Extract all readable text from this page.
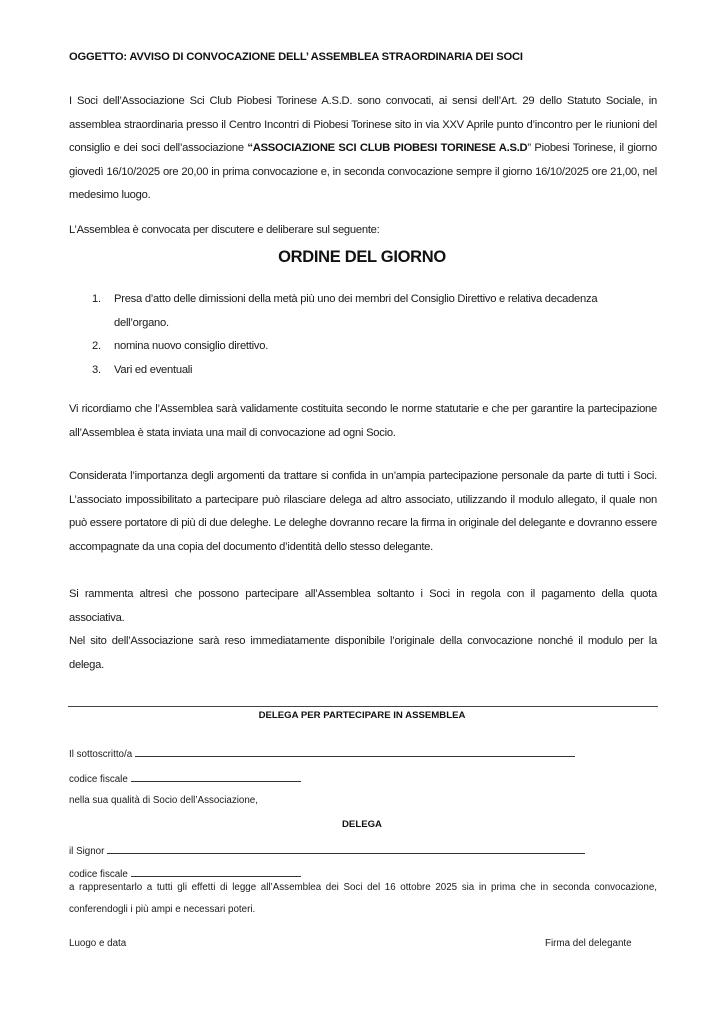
OGGETTO: AVVISO DI CONVOCAZIONE DELL’ ASSEMBLEA STRAORDINARIA DEI SOCI
I Soci dell’Associazione Sci Club Piobesi Torinese A.S.D. sono convocati, ai sensi dell’Art. 29 dello Statuto Sociale, in assemblea straordinaria presso il Centro Incontri di Piobesi Torinese sito in via XXV Aprile punto d’incontro per le riunioni del consiglio e dei soci dell’associazione “ASSOCIAZIONE SCI CLUB PIOBESI TORINESE A.S.D” Piobesi Torinese, il giorno giovedì 16/10/2025 ore 20,00 in prima convocazione e, in seconda convocazione sempre il giorno 16/10/2025 ore 21,00, nel medesimo luogo.
L’Assemblea è convocata per discutere e deliberare sul seguente:
ORDINE DEL GIORNO
1. Presa d’atto delle dimissioni della metà più uno dei membri del Consiglio Direttivo e relativa decadenza dell’organo.
2. nomina nuovo consiglio direttivo.
3. Vari ed eventuali
Vi ricordiamo che l’Assemblea sarà validamente costituita secondo le norme statutarie e che per garantire la partecipazione all’Assemblea è stata inviata una mail di convocazione ad ogni Socio.
Considerata l’importanza degli argomenti da trattare si confida in un’ampia partecipazione personale da parte di tutti i Soci. L’associato impossibilitato a partecipare può rilasciare delega ad altro associato, utilizzando il modulo allegato, il quale non può essere portatore di più di due deleghe. Le deleghe dovranno recare la firma in originale del delegante e dovranno essere accompagnate da una copia del documento d’identità dello stesso delegante.
Si rammenta altresì che possono partecipare all’Assemblea soltanto i Soci in regola con il pagamento della quota associativa.
Nel sito dell’Associazione sarà reso immediatamente disponibile l’originale della convocazione nonché il modulo per la delega.
DELEGA PER PARTECIPARE IN ASSEMBLEA
Il sottoscritto/a
codice fiscale
nella sua qualità di Socio dell’Associazione,
DELEGA
il Signor
codice fiscale
a rappresentarlo a tutti gli effetti di legge all’Assemblea dei Soci del 16 ottobre 2025 sia in prima che in seconda convocazione, conferendogli i più ampi e necessari poteri.
Luogo e data	Firma del delegante
